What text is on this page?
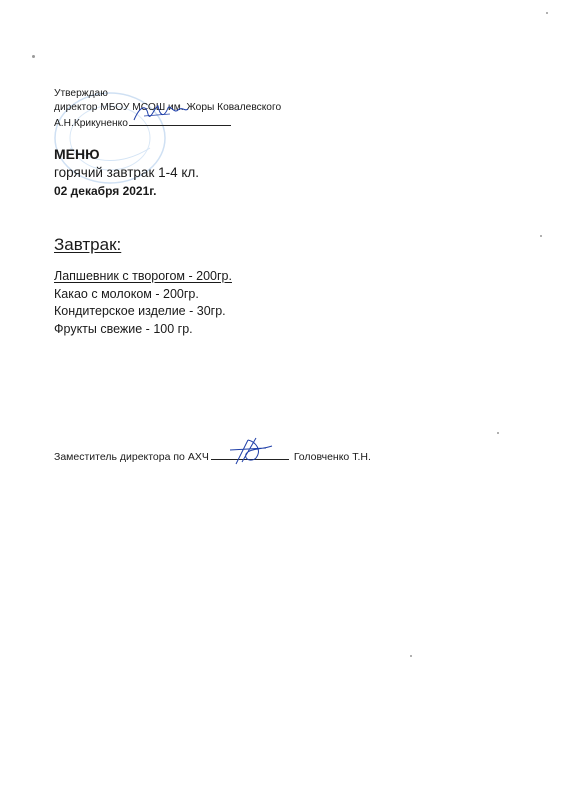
Утверждаю
директор МБОУ МСОШ им. Жоры Ковалевского
А.Н.Крикуненко
МЕНЮ
горячий завтрак 1-4 кл.
02 декабря 2021г.
Завтрак:
Лапшевник с творогом - 200гр.
Какао с молоком - 200гр.
Кондитерское изделие - 30гр.
Фрукты свежие - 100 гр.
Заместитель директора по АХЧ	Головченко Т.Н.
